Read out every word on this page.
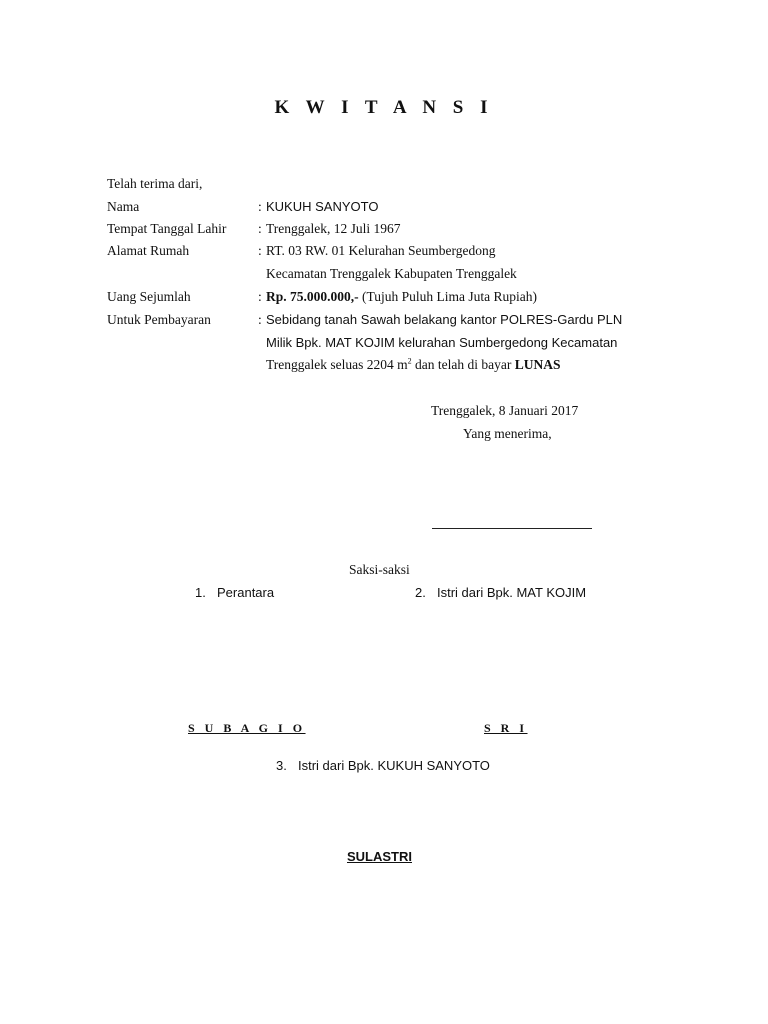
K W I T A N S I
Telah terima dari,
Nama	: KUKUH SANYOTO
Tempat Tanggal Lahir : Trenggalek, 12 Juli 1967
Alamat Rumah	: RT. 03 RW. 01 Kelurahan Seumbergedong
Kecamatan Trenggalek Kabupaten Trenggalek
Uang Sejumlah	: Rp. 75.000.000,- (Tujuh Puluh Lima Juta Rupiah)
Untuk Pembayaran	: Sebidang tanah Sawah belakang kantor POLRES-Gardu PLN
Milik Bpk. MAT KOJIM kelurahan Sumbergedong Kecamatan
Trenggalek seluas 2204 $m^2$ dan telah di bayar LUNAS
Trenggalek, 8 Januari 2017
Yang menerima,
Saksi-saksi
1. Perantara	2. Istri dari Bpk. MAT KOJIM
S U B A G I O	S R I
3. Istri dari Bpk. KUKUH SANYOTO
SULASTRI
